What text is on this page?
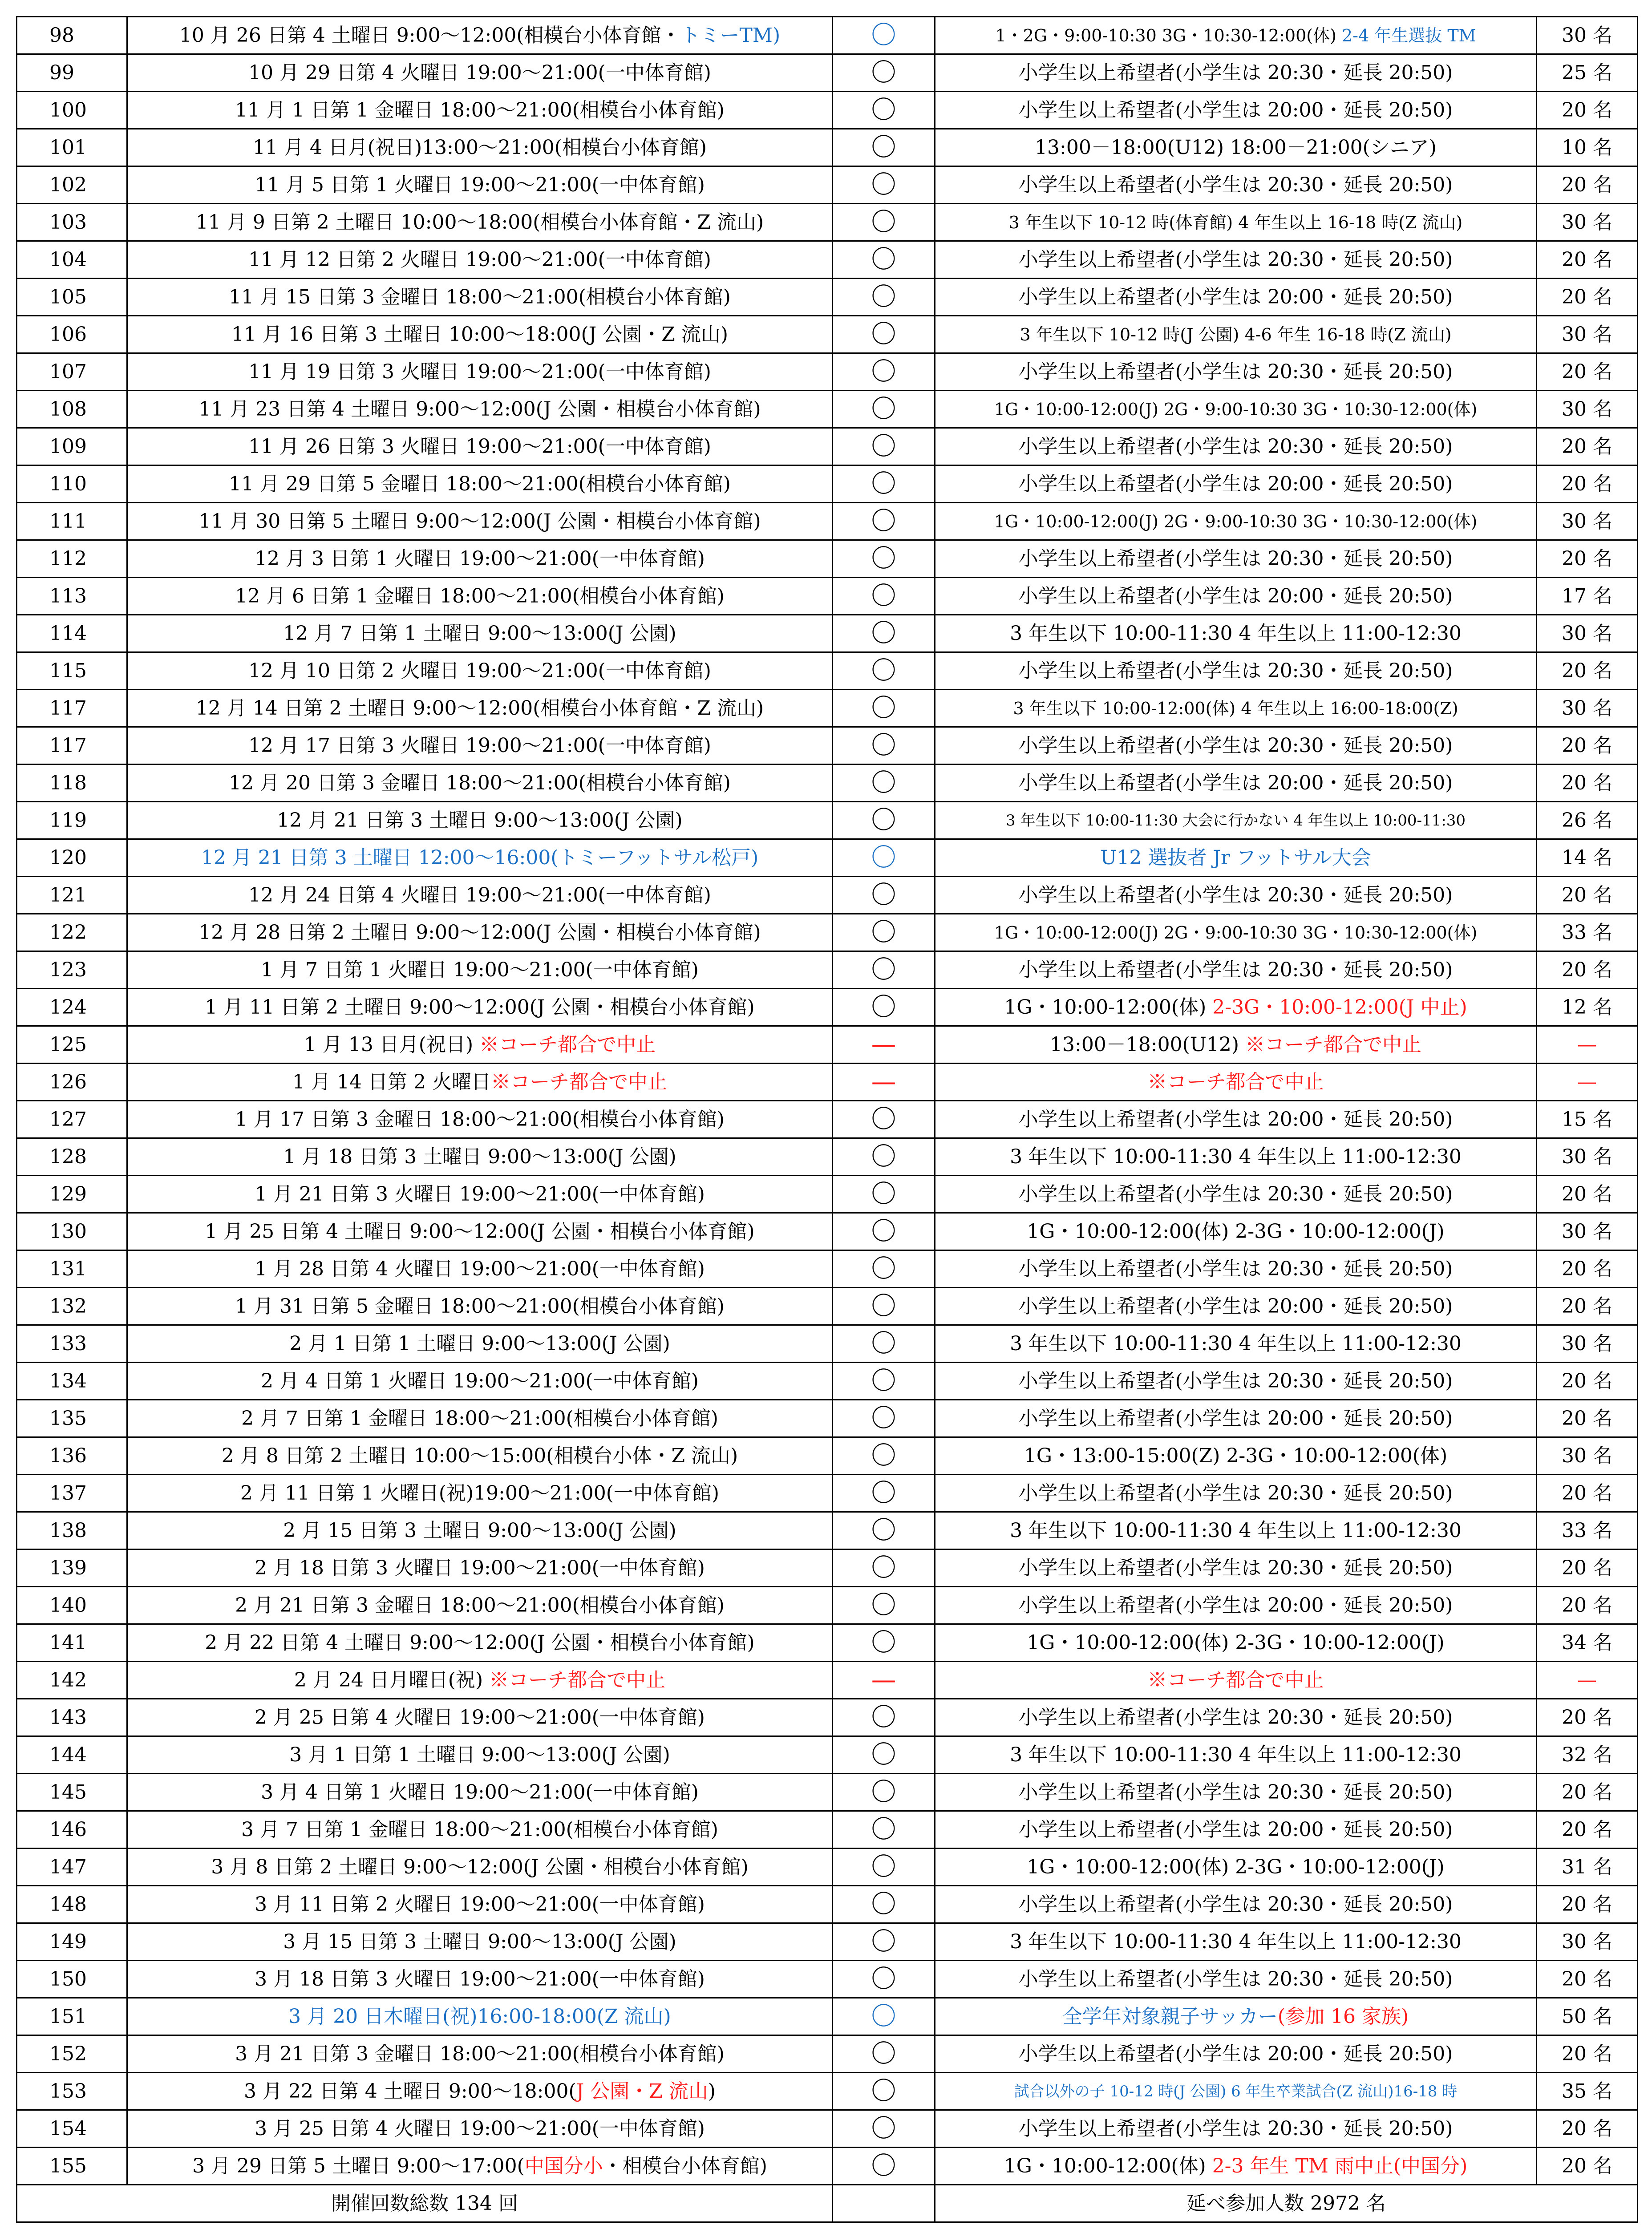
98	10 月 26 日第 4 土曜日 9:00～12:00(相模台小体育館・トミーTM)	〇	1・2G・9:00-10:30 3G・10:30-12:00(体) 2-4 年生選抜 TM	30 名
99	10 月 29 日第 4 火曜日 19:00～21:00(一中体育館)	〇	小学生以上希望者(小学生は 20:30・延長 20:50)	25 名
100	11 月 1 日第 1 金曜日 18:00～21:00(相模台小体育館)	〇	小学生以上希望者(小学生は 20:00・延長 20:50)	20 名
101	11 月 4 日月(祝日)13:00～21:00(相模台小体育館)	〇	13:00－18:00(U12) 18:00－21:00(シニア)	10 名
102	11 月 5 日第 1 火曜日 19:00～21:00(一中体育館)	〇	小学生以上希望者(小学生は 20:30・延長 20:50)	20 名
103	11 月 9 日第 2 土曜日 10:00～18:00(相模台小体育館・Z 流山)	〇	3 年生以下 10-12 時(体育館) 4 年生以上 16-18 時(Z 流山)	30 名
104	11 月 12 日第 2 火曜日 19:00～21:00(一中体育館)	〇	小学生以上希望者(小学生は 20:30・延長 20:50)	20 名
105	11 月 15 日第 3 金曜日 18:00～21:00(相模台小体育館)	〇	小学生以上希望者(小学生は 20:00・延長 20:50)	20 名
106	11 月 16 日第 3 土曜日 10:00～18:00(J 公園・Z 流山)	〇	3 年生以下 10-12 時(J 公園) 4-6 年生 16-18 時(Z 流山)	30 名
107	11 月 19 日第 3 火曜日 19:00～21:00(一中体育館)	〇	小学生以上希望者(小学生は 20:30・延長 20:50)	20 名
108	11 月 23 日第 4 土曜日 9:00～12:00(J 公園・相模台小体育館)	〇	1G・10:00-12:00(J) 2G・9:00-10:30 3G・10:30-12:00(体)	30 名
109	11 月 26 日第 3 火曜日 19:00～21:00(一中体育館)	〇	小学生以上希望者(小学生は 20:30・延長 20:50)	20 名
110	11 月 29 日第 5 金曜日 18:00～21:00(相模台小体育館)	〇	小学生以上希望者(小学生は 20:00・延長 20:50)	20 名
111	11 月 30 日第 5 土曜日 9:00～12:00(J 公園・相模台小体育館)	〇	1G・10:00-12:00(J) 2G・9:00-10:30 3G・10:30-12:00(体)	30 名
112	12 月 3 日第 1 火曜日 19:00～21:00(一中体育館)	〇	小学生以上希望者(小学生は 20:30・延長 20:50)	20 名
113	12 月 6 日第 1 金曜日 18:00～21:00(相模台小体育館)	〇	小学生以上希望者(小学生は 20:00・延長 20:50)	17 名
114	12 月 7 日第 1 土曜日 9:00～13:00(J 公園)	〇	3 年生以下 10:00-11:30 4 年生以上 11:00-12:30	30 名
115	12 月 10 日第 2 火曜日 19:00～21:00(一中体育館)	〇	小学生以上希望者(小学生は 20:30・延長 20:50)	20 名
117	12 月 14 日第 2 土曜日 9:00～12:00(相模台小体育館・Z 流山)	〇	3 年生以下 10:00-12:00(体) 4 年生以上 16:00-18:00(Z)	30 名
117	12 月 17 日第 3 火曜日 19:00～21:00(一中体育館)	〇	小学生以上希望者(小学生は 20:30・延長 20:50)	20 名
118	12 月 20 日第 3 金曜日 18:00～21:00(相模台小体育館)	〇	小学生以上希望者(小学生は 20:00・延長 20:50)	20 名
119	12 月 21 日第 3 土曜日 9:00～13:00(J 公園)	〇	3 年生以下 10:00-11:30 大会に行かない 4 年生以上 10:00-11:30	26 名
120	12 月 21 日第 3 土曜日 12:00～16:00(トミーフットサル松戸)	〇	U12 選抜者 Jr フットサル大会	14 名
121	12 月 24 日第 4 火曜日 19:00～21:00(一中体育館)	〇	小学生以上希望者(小学生は 20:30・延長 20:50)	20 名
122	12 月 28 日第 2 土曜日 9:00～12:00(J 公園・相模台小体育館)	〇	1G・10:00-12:00(J) 2G・9:00-10:30 3G・10:30-12:00(体)	33 名
123	1 月 7 日第 1 火曜日 19:00～21:00(一中体育館)	〇	小学生以上希望者(小学生は 20:30・延長 20:50)	20 名
124	1 月 11 日第 2 土曜日 9:00～12:00(J 公園・相模台小体育館)	〇	1G・10:00-12:00(体) 2-3G・10:00-12:00(J 中止)	12 名
125	1 月 13 日月(祝日) ※コーチ都合で中止	—	13:00－18:00(U12) ※コーチ都合で中止	—
126	1 月 14 日第 2 火曜日※コーチ都合で中止	—	※コーチ都合で中止	—
127	1 月 17 日第 3 金曜日 18:00～21:00(相模台小体育館)	〇	小学生以上希望者(小学生は 20:00・延長 20:50)	15 名
128	1 月 18 日第 3 土曜日 9:00～13:00(J 公園)	〇	3 年生以下 10:00-11:30 4 年生以上 11:00-12:30	30 名
129	1 月 21 日第 3 火曜日 19:00～21:00(一中体育館)	〇	小学生以上希望者(小学生は 20:30・延長 20:50)	20 名
130	1 月 25 日第 4 土曜日 9:00～12:00(J 公園・相模台小体育館)	〇	1G・10:00-12:00(体) 2-3G・10:00-12:00(J)	30 名
131	1 月 28 日第 4 火曜日 19:00～21:00(一中体育館)	〇	小学生以上希望者(小学生は 20:30・延長 20:50)	20 名
132	1 月 31 日第 5 金曜日 18:00～21:00(相模台小体育館)	〇	小学生以上希望者(小学生は 20:00・延長 20:50)	20 名
133	2 月 1 日第 1 土曜日 9:00～13:00(J 公園)	〇	3 年生以下 10:00-11:30 4 年生以上 11:00-12:30	30 名
134	2 月 4 日第 1 火曜日 19:00～21:00(一中体育館)	〇	小学生以上希望者(小学生は 20:30・延長 20:50)	20 名
135	2 月 7 日第 1 金曜日 18:00～21:00(相模台小体育館)	〇	小学生以上希望者(小学生は 20:00・延長 20:50)	20 名
136	2 月 8 日第 2 土曜日 10:00～15:00(相模台小体・Z 流山)	〇	1G・13:00-15:00(Z) 2-3G・10:00-12:00(体)	30 名
137	2 月 11 日第 1 火曜日(祝)19:00～21:00(一中体育館)	〇	小学生以上希望者(小学生は 20:30・延長 20:50)	20 名
138	2 月 15 日第 3 土曜日 9:00～13:00(J 公園)	〇	3 年生以下 10:00-11:30 4 年生以上 11:00-12:30	33 名
139	2 月 18 日第 3 火曜日 19:00～21:00(一中体育館)	〇	小学生以上希望者(小学生は 20:30・延長 20:50)	20 名
140	2 月 21 日第 3 金曜日 18:00～21:00(相模台小体育館)	〇	小学生以上希望者(小学生は 20:00・延長 20:50)	20 名
141	2 月 22 日第 4 土曜日 9:00～12:00(J 公園・相模台小体育館)	〇	1G・10:00-12:00(体) 2-3G・10:00-12:00(J)	34 名
142	2 月 24 日月曜日(祝) ※コーチ都合で中止	—	※コーチ都合で中止	—
143	2 月 25 日第 4 火曜日 19:00～21:00(一中体育館)	〇	小学生以上希望者(小学生は 20:30・延長 20:50)	20 名
144	3 月 1 日第 1 土曜日 9:00～13:00(J 公園)	〇	3 年生以下 10:00-11:30 4 年生以上 11:00-12:30	32 名
145	3 月 4 日第 1 火曜日 19:00～21:00(一中体育館)	〇	小学生以上希望者(小学生は 20:30・延長 20:50)	20 名
146	3 月 7 日第 1 金曜日 18:00～21:00(相模台小体育館)	〇	小学生以上希望者(小学生は 20:00・延長 20:50)	20 名
147	3 月 8 日第 2 土曜日 9:00～12:00(J 公園・相模台小体育館)	〇	1G・10:00-12:00(体) 2-3G・10:00-12:00(J)	31 名
148	3 月 11 日第 2 火曜日 19:00～21:00(一中体育館)	〇	小学生以上希望者(小学生は 20:30・延長 20:50)	20 名
149	3 月 15 日第 3 土曜日 9:00～13:00(J 公園)	〇	3 年生以下 10:00-11:30 4 年生以上 11:00-12:30	30 名
150	3 月 18 日第 3 火曜日 19:00～21:00(一中体育館)	〇	小学生以上希望者(小学生は 20:30・延長 20:50)	20 名
151	3 月 20 日木曜日(祝)16:00-18:00(Z 流山)	〇	全学年対象親子サッカー(参加 16 家族)	50 名
152	3 月 21 日第 3 金曜日 18:00～21:00(相模台小体育館)	〇	小学生以上希望者(小学生は 20:00・延長 20:50)	20 名
153	3 月 22 日第 4 土曜日 9:00～18:00(J 公園・Z 流山)	〇	試合以外の子 10-12 時(J 公園) 6 年生卒業試合(Z 流山)16-18 時	35 名
154	3 月 25 日第 4 火曜日 19:00～21:00(一中体育館)	〇	小学生以上希望者(小学生は 20:30・延長 20:50)	20 名
155	3 月 29 日第 5 土曜日 9:00～17:00(中国分小・相模台小体育館)	〇	1G・10:00-12:00(体) 2-3 年生 TM 雨中止(中国分)	20 名
開催回数総数 134 回			延べ参加人数 2972 名	
